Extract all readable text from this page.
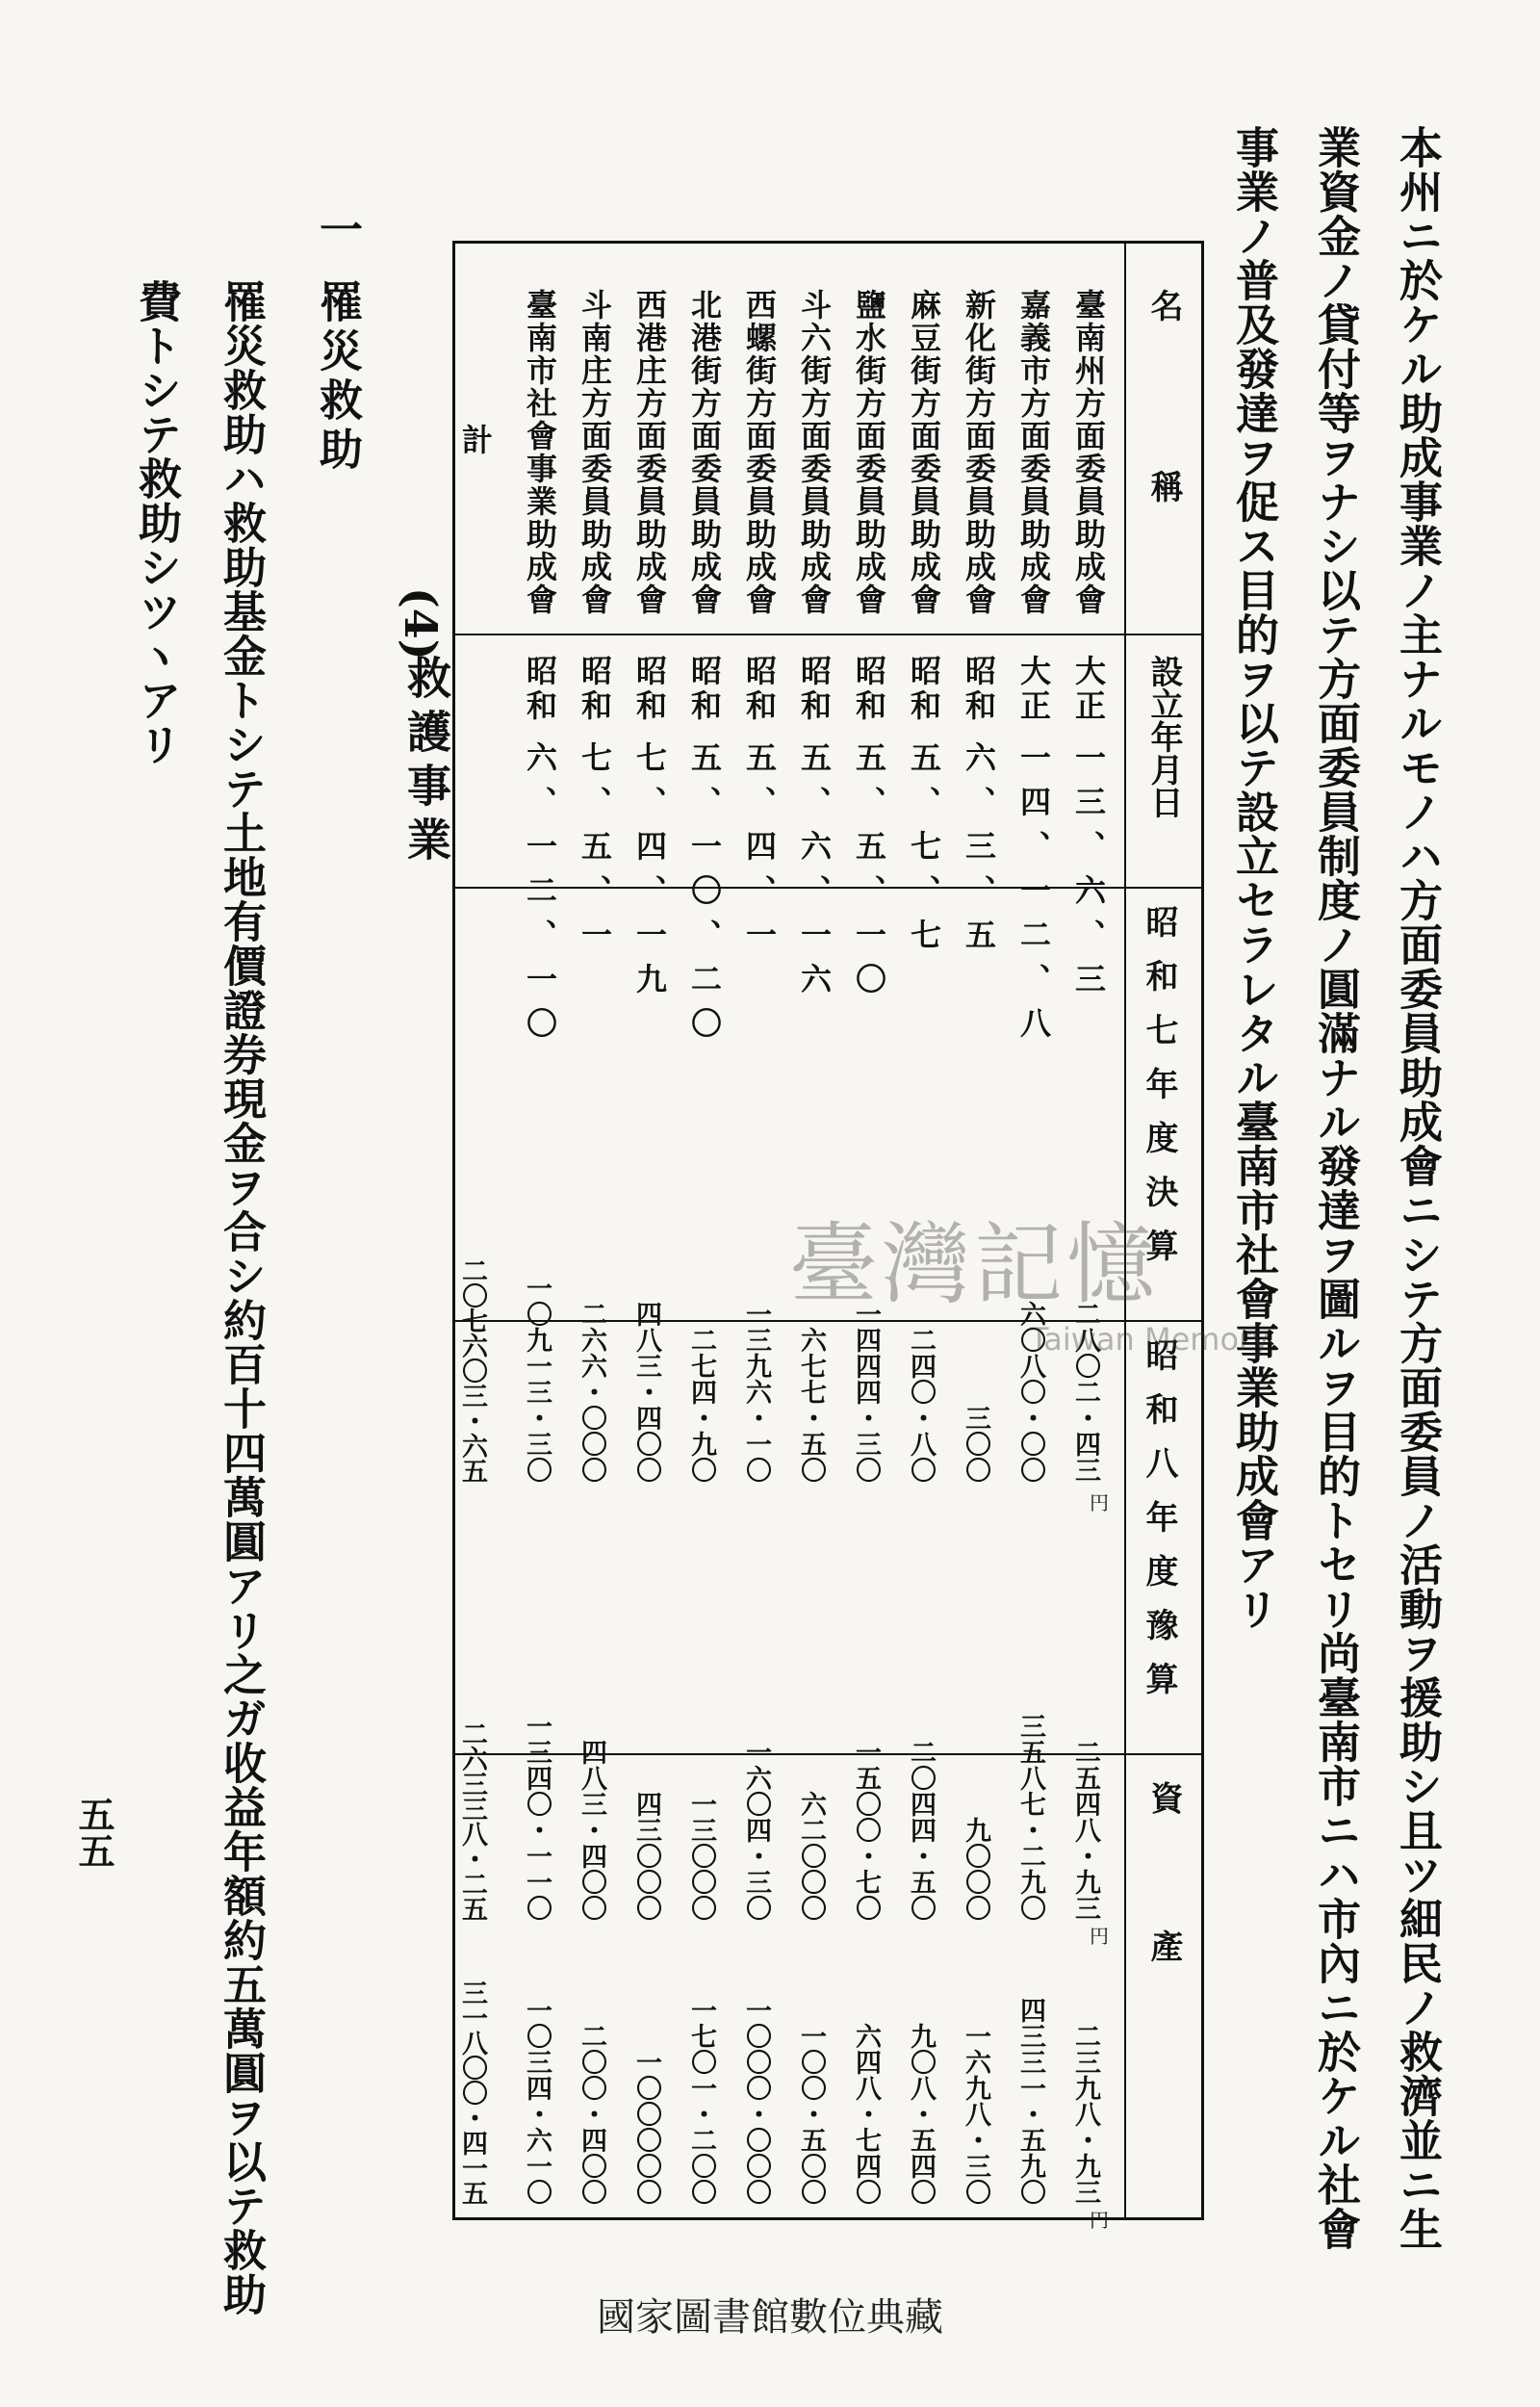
本州ニ於ケル助成事業ノ主ナルモノハ方面委員助成會ニシテ方面委員ノ活動ヲ援助シ且ツ細民ノ救濟並ニ生
業資金ノ貸付等ヲナシ以テ方面委員制度ノ圓滿ナル發達ヲ圖ルヲ目的トセリ尚臺南市ニハ市內ニ於ケル社會
事業ノ普及發達ヲ促ス目的ヲ以テ設立セラレタル臺南市社會事業助成會アリ
名　稱
設立年月日
昭和七年度決算
昭和八年度豫算
資產
臺南州方面委員助成會
大正
一三、六、三
二八〇二・四三
二五四八・九三
二三九八・九三
嘉義市方面委員助成會
大正
一四、一二、八
六〇八〇・〇〇
三五八七・二九〇
四三三一・五九〇
新化街方面委員助成會
昭和
六、三、五
三〇〇
九〇〇〇
一六九八・三〇
麻豆街方面委員助成會
昭和
五、七、七
二四〇・八〇
二〇四四・五〇
九〇八・五四〇
鹽水街方面委員助成會
昭和
五、五、一〇
一四四四・三〇
一五〇〇・七〇
六四八・七四〇
斗六街方面委員助成會
昭和
五、六、一六
六七七・五〇
六二〇〇〇
一〇〇・五〇〇
西螺街方面委員助成會
昭和
五、四、一
一三九六・一〇
一六〇四・三〇
一〇〇〇・〇〇〇
北港街方面委員助成會
昭和
五、一〇、二〇
二七四・九〇
一三〇〇〇
一七〇一・二〇〇
西港庄方面委員助成會
昭和
七、四、一九
四八三・四〇〇
四三〇〇〇
一〇〇〇〇〇
斗南庄方面委員助成會
昭和
七、五、一
二六六・〇〇〇
四八三・四〇〇
二〇〇・四〇〇
臺南市社會事業助成會
昭和
六、一二、一〇
一〇九一三・三〇
一三四〇・一一〇
一〇三四・六一〇
計
二〇七六〇三・六五
二六三三八・二五
三一八〇〇・四一五
円
円
円
(4)
救護事業
一
罹災救助
罹災救助ハ救助基金トシテ土地有價證券現金ヲ合シ約百十四萬圓アリ之ガ收益年額約五萬圓ヲ以テ救助
費トシテ救助シツヽアリ
五五
臺灣記憶
Taiwan Memory
國家圖書館數位典藏
